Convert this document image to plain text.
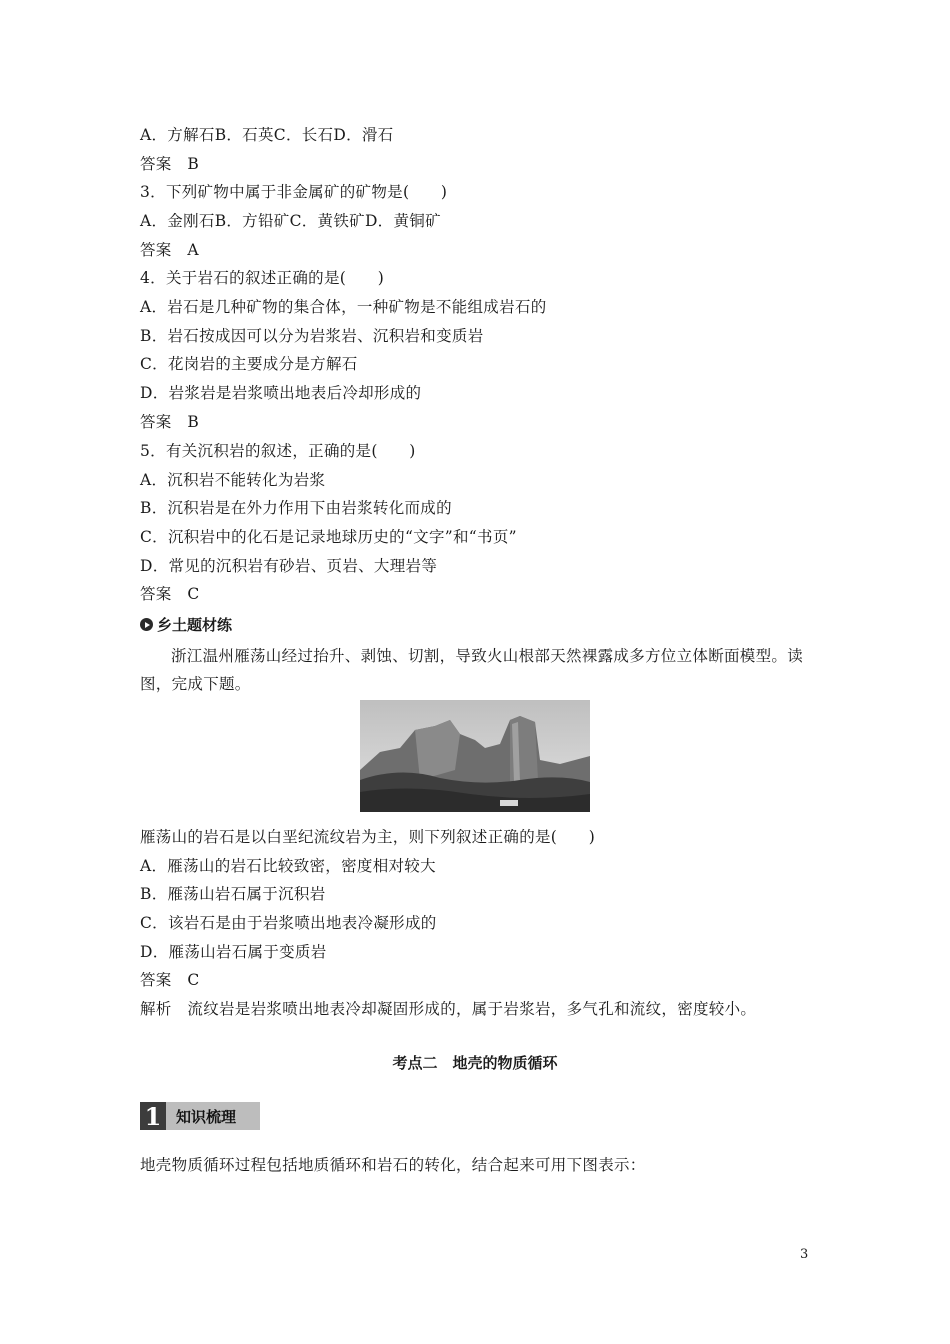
A．方解石B．石英C．长石D．滑石
答案　B
3．下列矿物中属于非金属矿的矿物是(　　)
A．金刚石B．方铅矿C．黄铁矿D．黄铜矿
答案　A
4．关于岩石的叙述正确的是(　　)
A．岩石是几种矿物的集合体，一种矿物是不能组成岩石的
B．岩石按成因可以分为岩浆岩、沉积岩和变质岩
C．花岗岩的主要成分是方解石
D．岩浆岩是岩浆喷出地表后冷却形成的
答案　B
5．有关沉积岩的叙述，正确的是(　　)
A．沉积岩不能转化为岩浆
B．沉积岩是在外力作用下由岩浆转化而成的
C．沉积岩中的化石是记录地球历史的“文字”和“书页”
D．常见的沉积岩有砂岩、页岩、大理岩等
答案　C
乡土题材练
浙江温州雁荡山经过抬升、剥蚀、切割，导致火山根部天然裸露成多方位立体断面模型。读图，完成下题。
雁荡山的岩石是以白垩纪流纹岩为主，则下列叙述正确的是(　　)
A．雁荡山的岩石比较致密，密度相对较大
B．雁荡山岩石属于沉积岩
C．该岩石是由于岩浆喷出地表冷凝形成的
D．雁荡山岩石属于变质岩
答案　C
解析　流纹岩是岩浆喷出地表冷却凝固形成的，属于岩浆岩，多气孔和流纹，密度较小。
考点二　地壳的物质循环
1 知识梳理
地壳物质循环过程包括地质循环和岩石的转化，结合起来可用下图表示：
3
